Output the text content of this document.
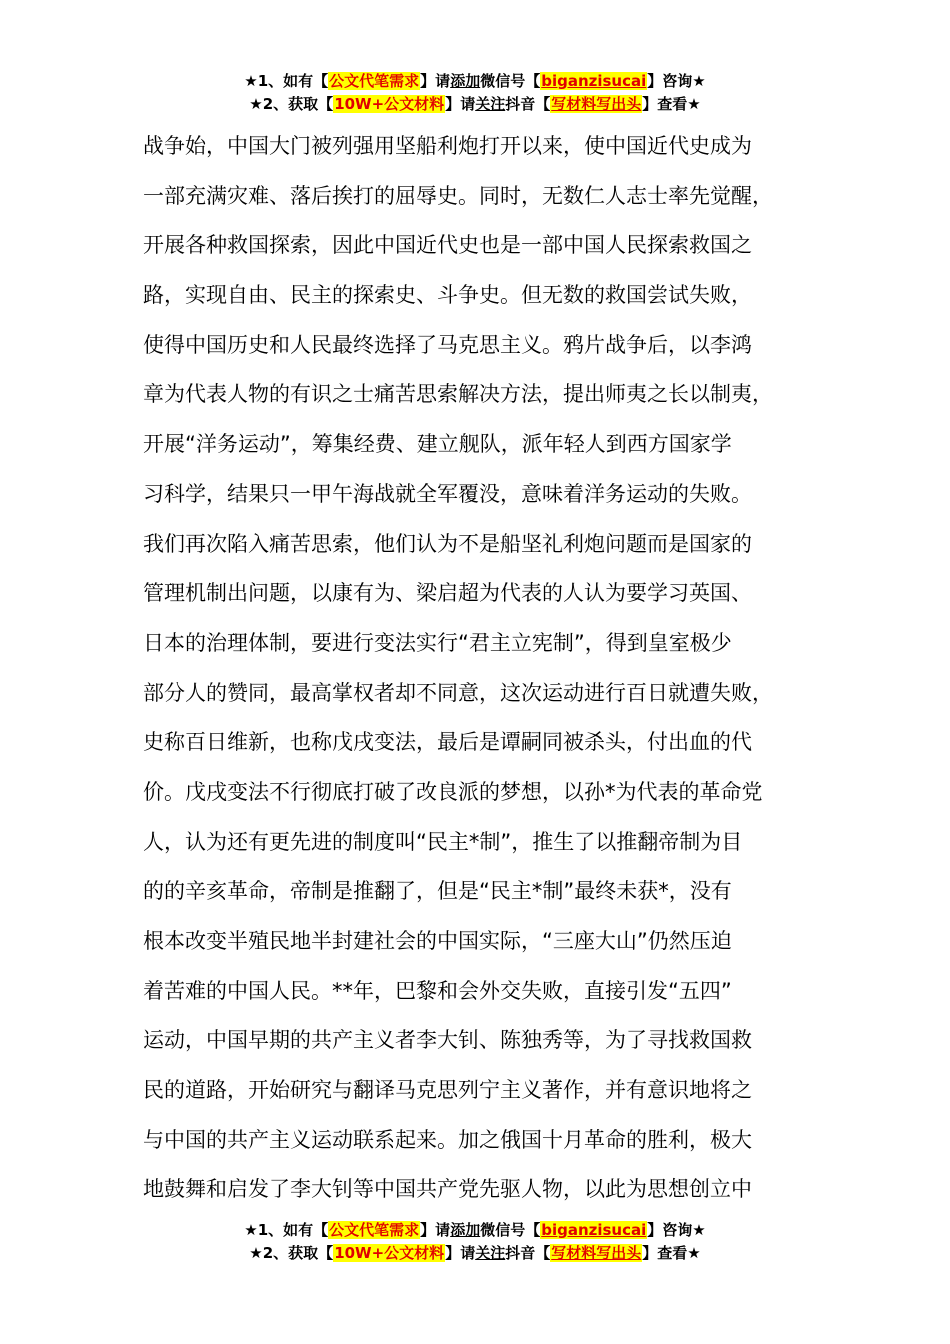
★1、如有【公文代笔需求】请添加微信号【biganzisucai】咨询★
★2、获取【10W+公文材料】请关注抖音【写材料写出头】查看★
战争始，中国大门被列强用坚船利炮打开以来，使中国近代史成为
一部充满灾难、落后挨打的屈辱史。同时，无数仁人志士率先觉醒，
开展各种救国探索，因此中国近代史也是一部中国人民探索救国之
路，实现自由、民主的探索史、斗争史。但无数的救国尝试失败，
使得中国历史和人民最终选择了马克思主义。鸦片战争后，以李鸿
章为代表人物的有识之士痛苦思索解决方法，提出师夷之长以制夷，
开展“洋务运动”，筹集经费、建立舰队，派年轻人到西方国家学
习科学，结果只一甲午海战就全军覆没，意味着洋务运动的失败。
我们再次陷入痛苦思索，他们认为不是船坚礼利炮问题而是国家的
管理机制出问题，以康有为、梁启超为代表的人认为要学习英国、
日本的治理体制，要进行变法实行“君主立宪制”，得到皇室极少
部分人的赞同，最高掌权者却不同意，这次运动进行百日就遭失败，
史称百日维新，也称戊戌变法，最后是谭嗣同被杀头，付出血的代
价。戊戌变法不行彻底打破了改良派的梦想，以孙*为代表的革命党
人，认为还有更先进的制度叫“民主*制”，推生了以推翻帝制为目
的的辛亥革命，帝制是推翻了，但是“民主*制”最终未获*，没有
根本改变半殖民地半封建社会的中国实际，“三座大山”仍然压迫
着苦难的中国人民。**年，巴黎和会外交失败，直接引发“五四”
运动，中国早期的共产主义者李大钊、陈独秀等，为了寻找救国救
民的道路，开始研究与翻译马克思列宁主义著作，并有意识地将之
与中国的共产主义运动联系起来。加之俄国十月革命的胜利，极大
地鼓舞和启发了李大钊等中国共产党先驱人物，以此为思想创立中
★1、如有【公文代笔需求】请添加微信号【biganzisucai】咨询★
★2、获取【10W+公文材料】请关注抖音【写材料写出头】查看★
